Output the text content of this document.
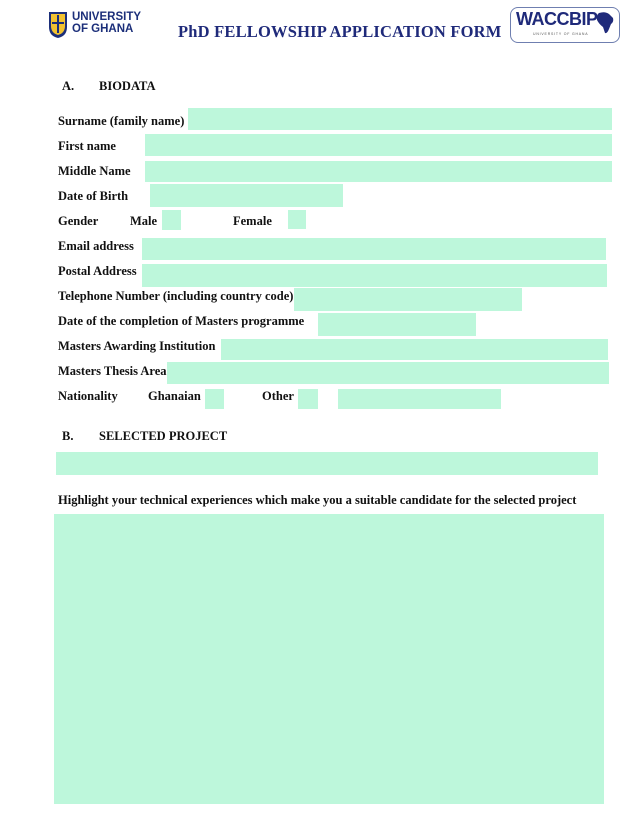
UNIVERSITY
OF GHANA	PhD FELLOWSHIP APPLICATION FORM
WACCBIP
UNIVERSITY OF GHANA
A. BIODATA
Surname (family name)
First name
Middle Name
Date of Birth
Gender	Male	Female
Email address
Postal Address
Telephone Number (including country code)
Date of the completion of Masters programme
Masters Awarding Institution
Masters Thesis Area
Nationality Ghanaian	Other
B. SELECTED PROJECT
Highlight your technical experiences which make you a suitable candidate for the selected project
